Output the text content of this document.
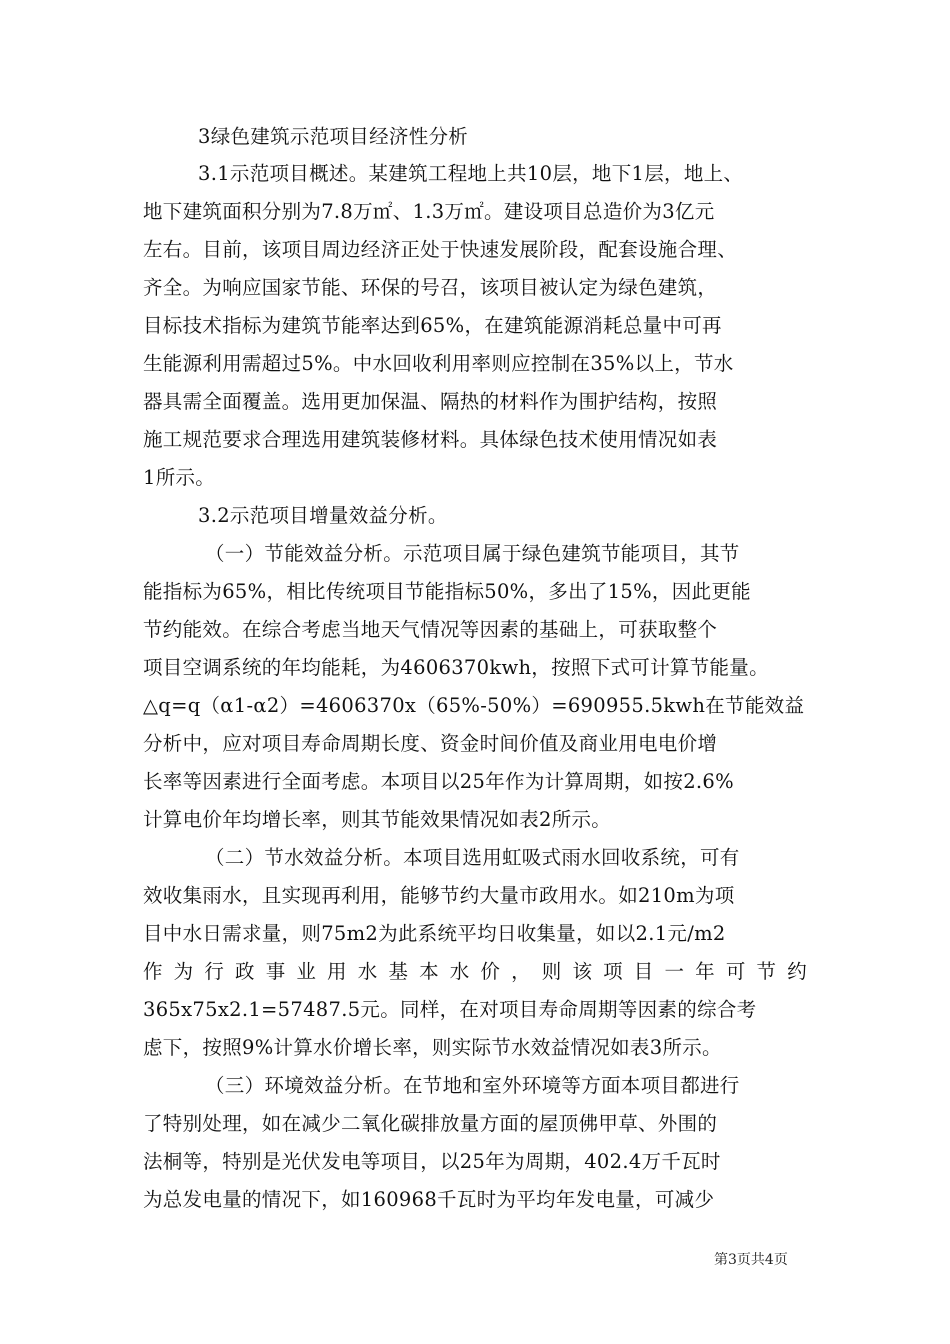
3绿色建筑示范项目经济性分析
3.1示范项目概述。某建筑工程地上共10层，地下1层，地上、
地下建筑面积分别为7.8万㎡、1.3万㎡。建设项目总造价为3亿元
左右。目前，该项目周边经济正处于快速发展阶段，配套设施合理、
齐全。为响应国家节能、环保的号召，该项目被认定为绿色建筑，
目标技术指标为建筑节能率达到65%，在建筑能源消耗总量中可再
生能源利用需超过5%。中水回收利用率则应控制在35%以上，节水
器具需全面覆盖。选用更加保温、隔热的材料作为围护结构，按照
施工规范要求合理选用建筑装修材料。具体绿色技术使用情况如表
1所示。
3.2示范项目增量效益分析。
（一）节能效益分析。示范项目属于绿色建筑节能项目，其节
能指标为65%，相比传统项目节能指标50%，多出了15%，因此更能
节约能效。在综合考虑当地天气情况等因素的基础上，可获取整个
项目空调系统的年均能耗，为4606370kwh，按照下式可计算节能量。
△q=q（α1-α2）=4606370x（65%-50%）=690955.5kwh在节能效益
分析中，应对项目寿命周期长度、资金时间价值及商业用电电价增
长率等因素进行全面考虑。本项目以25年作为计算周期，如按2.6%
计算电价年均增长率，则其节能效果情况如表2所示。
（二）节水效益分析。本项目选用虹吸式雨水回收系统，可有
效收集雨水，且实现再利用，能够节约大量市政用水。如210m为项
目中水日需求量，则75m2为此系统平均日收集量，如以2.1元/m2
作为行政事业用水基本水价，则该项目一年可节约
365x75x2.1=57487.5元。同样，在对项目寿命周期等因素的综合考
虑下，按照9%计算水价增长率，则实际节水效益情况如表3所示。
（三）环境效益分析。在节地和室外环境等方面本项目都进行
了特别处理，如在减少二氧化碳排放量方面的屋顶佛甲草、外围的
法桐等，特别是光伏发电等项目，以25年为周期，402.4万千瓦时
为总发电量的情况下，如160968千瓦时为平均年发电量，可减少
第3页共4页
